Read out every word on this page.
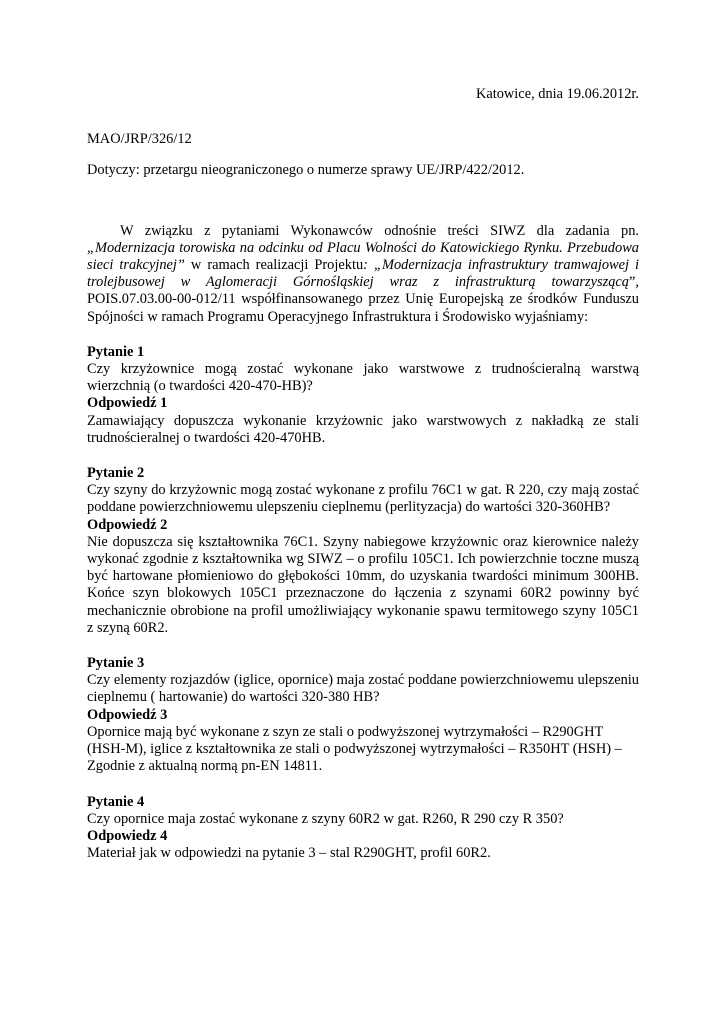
Katowice, dnia 19.06.2012r.

MAO/JRP/326/12

Dotyczy: przetargu nieograniczonego o numerze sprawy UE/JRP/422/2012.

W związku z pytaniami Wykonawców odnośnie treści SIWZ dla zadania pn. „Modernizacja torowiska na odcinku od Placu Wolności do Katowickiego Rynku. Przebudowa sieci trakcyjnej” w ramach realizacji Projektu: „Modernizacja infrastruktury tramwajowej i trolejbusowej w Aglomeracji Górnośląskiej wraz z infrastrukturą towarzyszącą”, POIS.07.03.00-00-012/11 współfinansowanego przez Unię Europejską ze środków Funduszu Spójności w ramach Programu Operacyjnego Infrastruktura i Środowisko wyjaśniamy:

Pytanie 1

Czy krzyżownice mogą zostać wykonane jako warstwowe z trudnościeralną warstwą wierzchnią (o twardości 420-470-HB)?

Odpowiedź 1

Zamawiający dopuszcza wykonanie krzyżownic jako warstwowych z nakładką ze stali trudnościeralnej o twardości 420-470HB.

Pytanie 2

Czy szyny do krzyżownic mogą zostać wykonane z profilu 76C1 w gat. R 220, czy mają zostać poddane powierzchniowemu ulepszeniu cieplnemu (perlityzacja) do wartości 320-360HB?

Odpowiedź 2

Nie dopuszcza się kształtownika 76C1. Szyny nabiegowe krzyżownic oraz kierownice należy wykonać zgodnie z kształtownika wg SIWZ – o profilu 105C1. Ich powierzchnie toczne muszą być hartowane płomieniowo do głębokości 10mm, do uzyskania twardości minimum 300HB. Końce szyn blokowych 105C1 przeznaczone do łączenia z szynami 60R2 powinny być mechanicznie obrobione na profil umożliwiający wykonanie spawu termitowego szyny 105C1 z szyną 60R2.

Pytanie 3

Czy elementy rozjazdów (iglice, opornice) maja zostać poddane powierzchniowemu ulepszeniu cieplnemu ( hartowanie) do wartości 320-380 HB?

Odpowiedź 3

Opornice mają być wykonane z szyn ze stali o podwyższonej wytrzymałości – R290GHT (HSH-M), iglice z kształtownika ze stali o podwyższonej wytrzymałości – R350HT (HSH) – Zgodnie z aktualną normą pn-EN 14811.

Pytanie 4

Czy opornice maja zostać wykonane z szyny 60R2 w gat. R260, R 290 czy R 350?

Odpowiedz 4

Materiał jak w odpowiedzi na pytanie 3 – stal R290GHT, profil 60R2.
